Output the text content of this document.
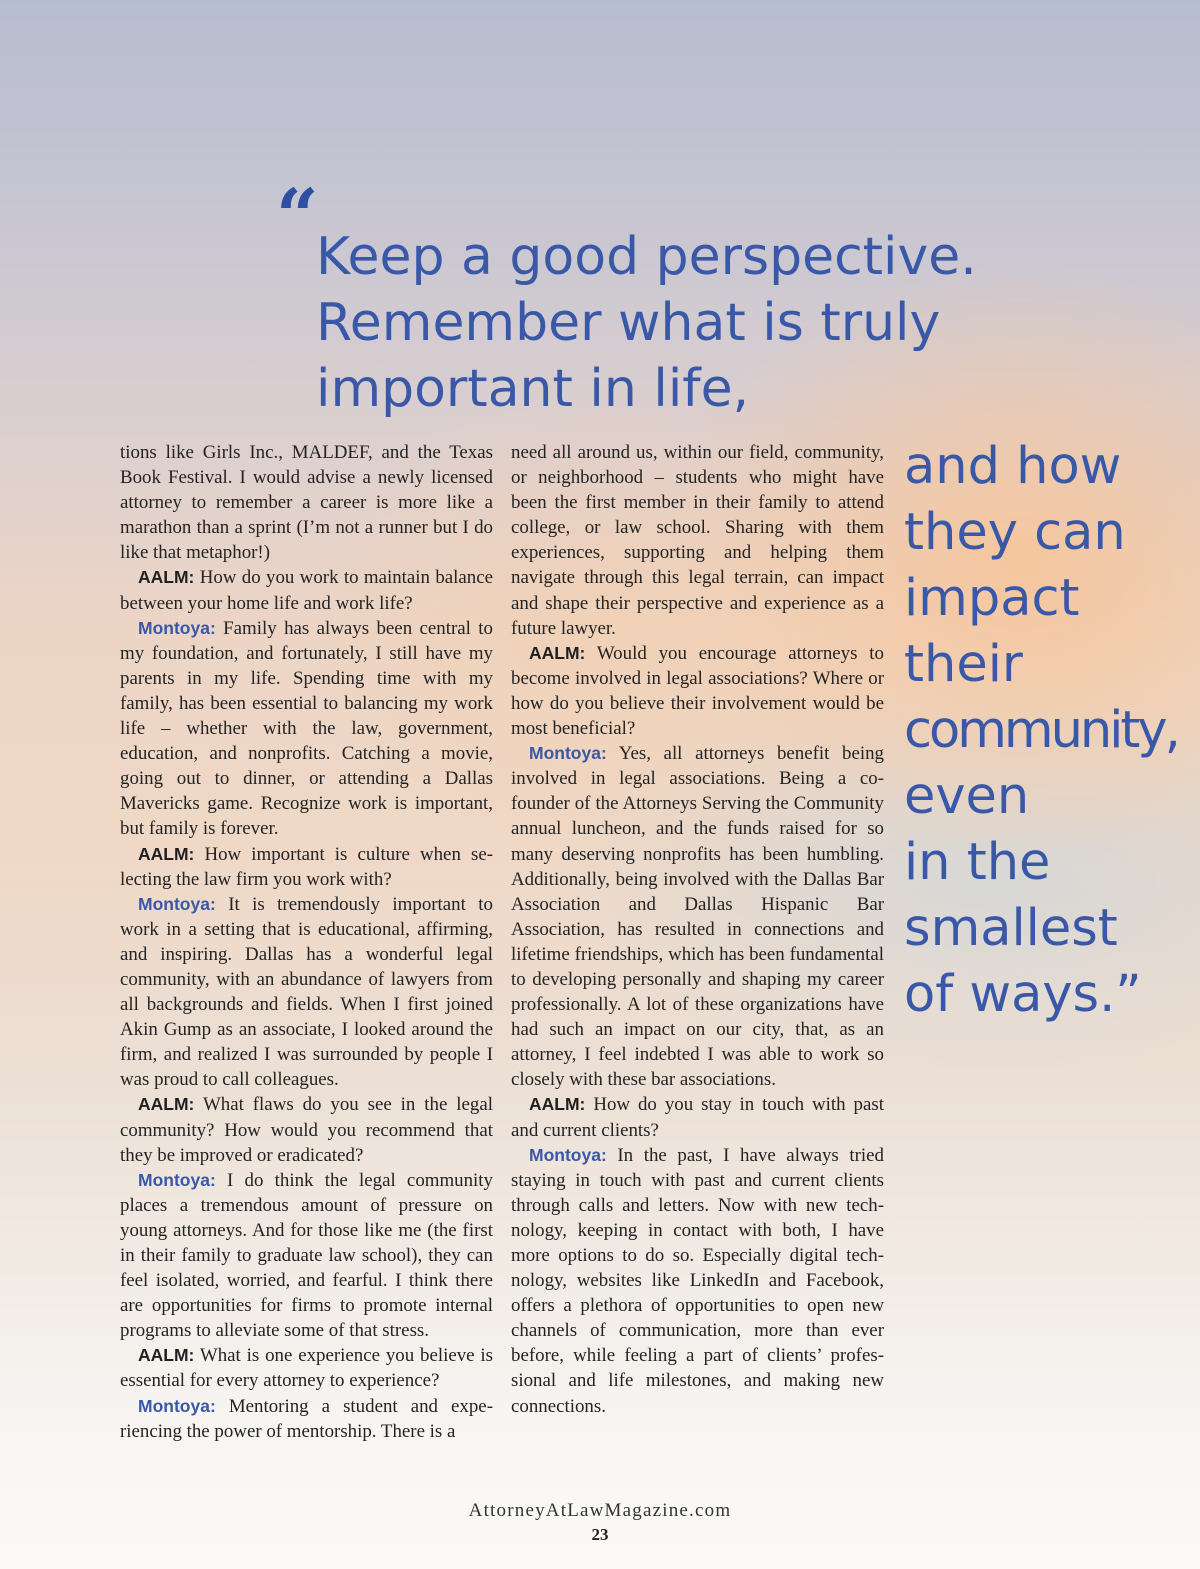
“
Keep a good perspective.
Remember what is truly
important in life,
and how
they can
impact
their
community,
even
in the
smallest
of ways.”

tions like Girls Inc., MALDEF, and the Texas Book Festival. I would advise a newly licensed attorney to remember a career is more like a marathon than a sprint (I’m not a runner but I do like that metaphor!)

AALM: How do you work to maintain balance between your home life and work life?

Montoya: Family has always been central to my foundation, and fortunately, I still have my parents in my life. Spending time with my family, has been essential to balancing my work life – whether with the law, government, education, and nonprofits. Catching a movie, going out to dinner, or attending a Dallas Mavericks game. Recognize work is important, but family is forever.

AALM: How important is culture when selecting the law firm you work with?

Montoya: It is tremendously important to work in a setting that is educational, affirming, and inspiring. Dallas has a wonderful legal community, with an abundance of lawyers from all backgrounds and fields. When I first joined Akin Gump as an associate, I looked around the firm, and realized I was surrounded by people I was proud to call colleagues.

AALM: What flaws do you see in the legal community? How would you recommend that they be improved or eradicated?

Montoya: I do think the legal community places a tremendous amount of pressure on young attorneys. And for those like me (the first in their family to graduate law school), they can feel isolated, worried, and fearful. I think there are opportunities for firms to promote internal programs to alleviate some of that stress.

AALM: What is one experience you believe is essential for every attorney to experience?

Montoya: Mentoring a student and experiencing the power of mentorship. There is a

need all around us, within our field, community, or neighborhood – students who might have been the first member in their family to attend college, or law school. Sharing with them experiences, supporting and helping them navigate through this legal terrain, can impact and shape their perspective and experience as a future lawyer.

AALM: Would you encourage attorneys to become involved in legal associations? Where or how do you believe their involvement would be most beneficial?

Montoya: Yes, all attorneys benefit being involved in legal associations. Being a co-founder of the Attorneys Serving the Community annual luncheon, and the funds raised for so many deserving nonprofits has been humbling. Additionally, being involved with the Dallas Bar Association and Dallas Hispanic Bar Association, has resulted in connections and lifetime friendships, which has been fundamental to developing personally and shaping my career professionally. A lot of these organizations have had such an impact on our city, that, as an attorney, I feel indebted I was able to work so closely with these bar associations.

AALM: How do you stay in touch with past and current clients?

Montoya: In the past, I have always tried staying in touch with past and current clients through calls and letters. Now with new technology, keeping in contact with both, I have more options to do so. Especially digital technology, websites like LinkedIn and Facebook, offers a plethora of opportunities to open new channels of communication, more than ever before, while feeling a part of clients’ professional and life milestones, and making new connections.

AttorneyAtLawMagazine.com
23
